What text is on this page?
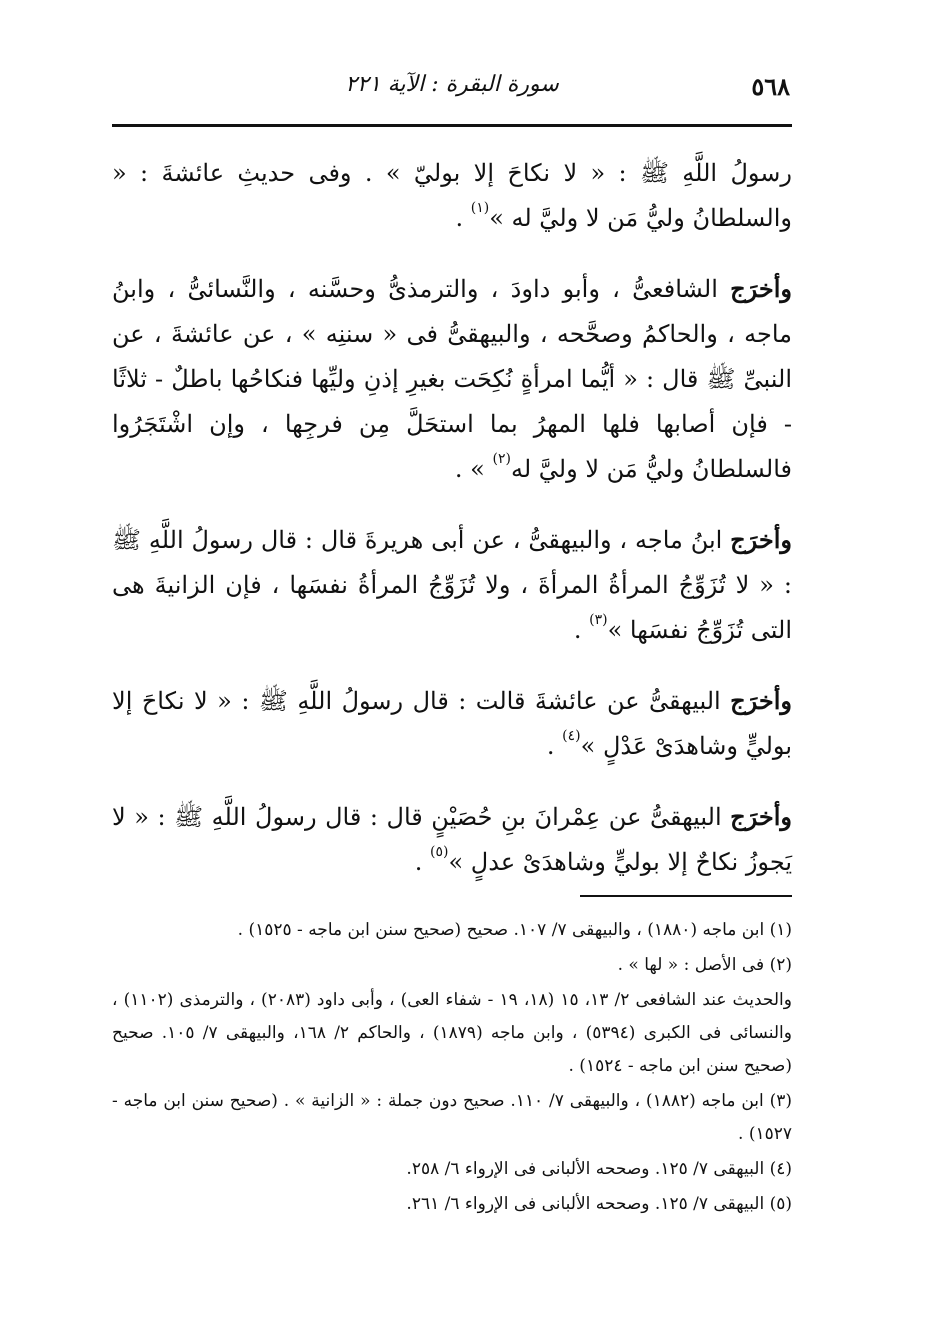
٥٦٨
سورة البقرة : الآية ٢٢١

رسولُ اللَّهِ ﷺ : « لا نكاحَ إلا بوليّ » . وفى حديثِ عائشةَ : « والسلطانُ وليُّ مَن لا وليَّ له »$^{(١)}$ .

وأخرَج الشافعىُّ ، وأبو داودَ ، والترمذىُّ وحسَّنه ، والنَّسائىُّ ، وابنُ ماجه ، والحاكمُ وصحَّحه ، والبيهقىُّ فى « سننِه » ، عن عائشةَ ، عن النبىِّ ﷺ قال : « أيُّما امرأةٍ نُكِحَت بغيرِ إذنِ وليِّها فنكاحُها باطلٌ - ثلاثًا - فإن أصابها فلها المهرُ بما استحَلَّ مِن فرجِها ، وإن اشْتَجَرُوا فالسلطانُ وليُّ مَن لا وليَّ له$^{(٢)}$ » .

وأخرَج ابنُ ماجه ، والبيهقىُّ ، عن أبى هريرةَ قال : قال رسولُ اللَّهِ ﷺ : « لا تُزَوِّجُ المرأةُ المرأةَ ، ولا تُزَوِّجُ المرأةُ نفسَها ، فإن الزانيةَ هى التى تُزَوِّجُ نفسَها »$^{(٣)}$ .

وأخرَج البيهقىُّ عن عائشةَ قالت : قال رسولُ اللَّهِ ﷺ : « لا نكاحَ إلا بوليٍّ وشاهدَىْ عَدْلٍ »$^{(٤)}$ .

وأخرَج البيهقىُّ عن عِمْرانَ بنِ حُصَيْنٍ قال : قال رسولُ اللَّهِ ﷺ : « لا يَجوزُ نكاحٌ إلا بوليٍّ وشاهدَىْ عدلٍ »$^{(٥)}$ .

(١) ابن ماجه (١٨٨٠) ، والبيهقى ٧/ ١٠٧. صحيح (صحيح سنن ابن ماجه - ١٥٢٥) .

(٢) فى الأصل : « لها » .

والحديث عند الشافعى ٢/ ١٣، ١٥ (١٨، ١٩ - شفاء العى) ، وأبى داود (٢٠٨٣) ، والترمذى (١١٠٢) ، والنسائى فى الكبرى (٥٣٩٤) ، وابن ماجه (١٨٧٩) ، والحاكم ٢/ ١٦٨، والبيهقى ٧/ ١٠٥. صحيح (صحيح سنن ابن ماجه - ١٥٢٤) .

(٣) ابن ماجه (١٨٨٢) ، والبيهقى ٧/ ١١٠. صحيح دون جملة : « الزانية » . (صحيح سنن ابن ماجه - ١٥٢٧) .

(٤) البيهقى ٧/ ١٢٥. وصححه الألبانى فى الإرواء ٦/ ٢٥٨.

(٥) البيهقى ٧/ ١٢٥. وصححه الألبانى فى الإرواء ٦/ ٢٦١.
